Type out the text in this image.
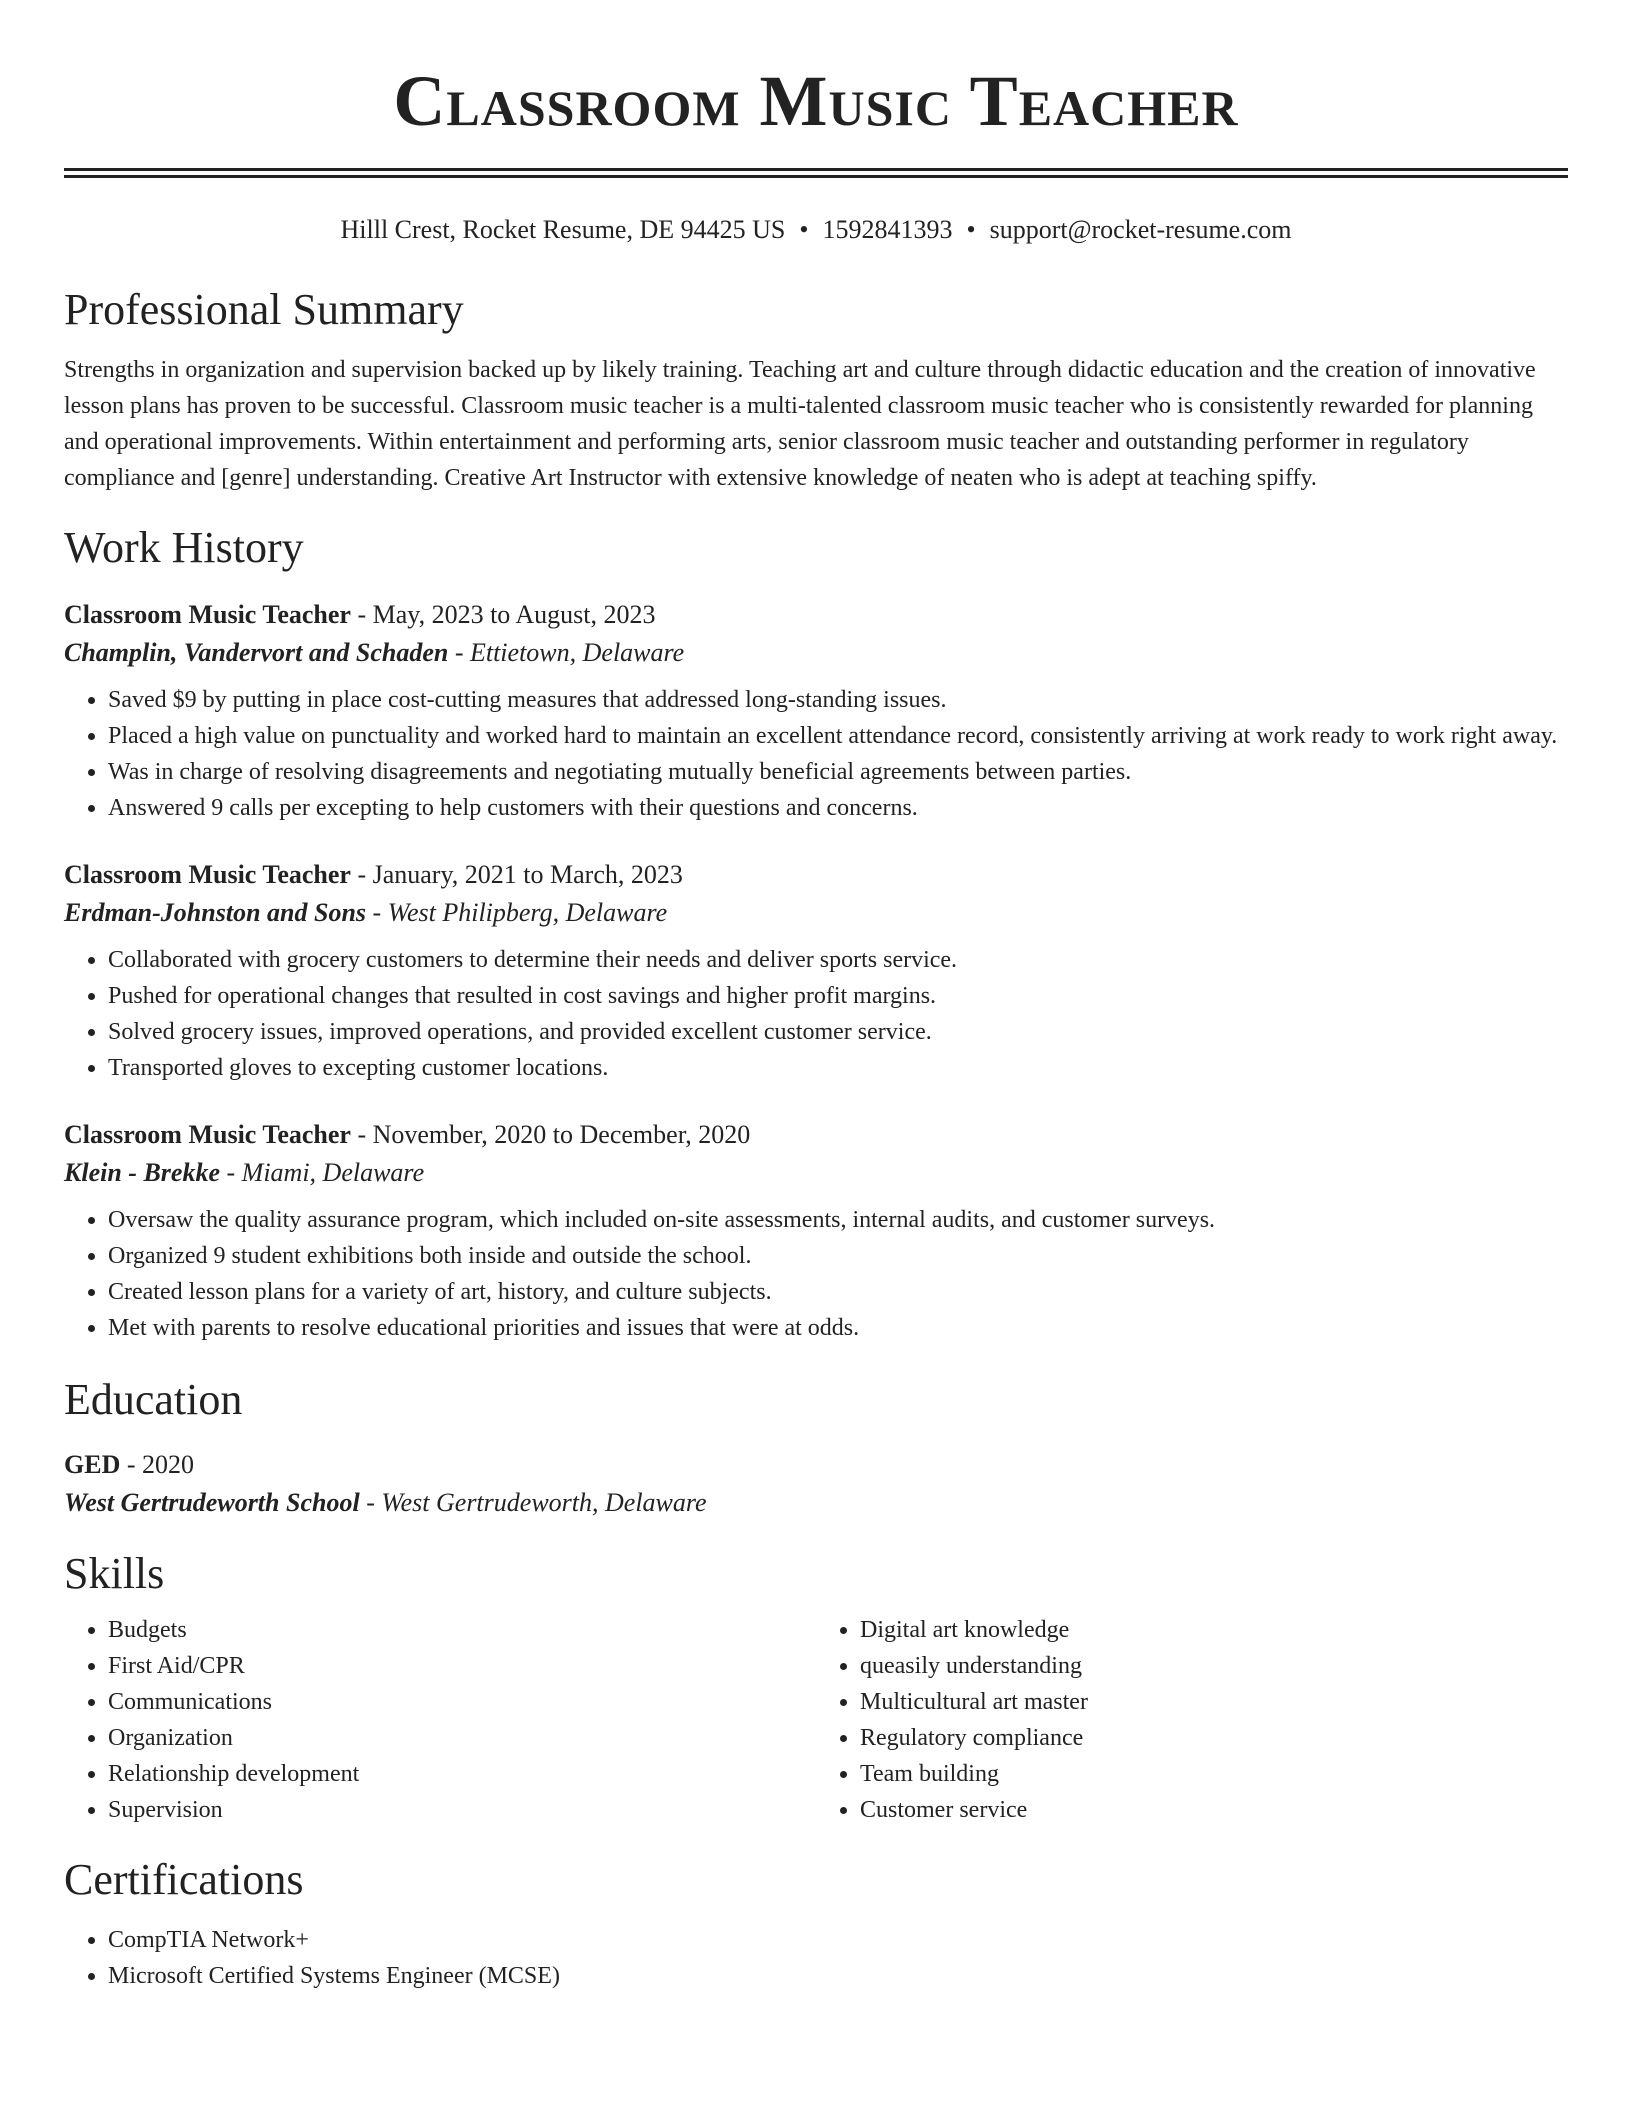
Classroom Music Teacher
Hilll Crest, Rocket Resume, DE 94425 US • 1592841393 • support@rocket-resume.com
Professional Summary

Strengths in organization and supervision backed up by likely training. Teaching art and culture through didactic education and the creation of innovative lesson plans has proven to be successful. Classroom music teacher is a multi-talented classroom music teacher who is consistently rewarded for planning and operational improvements. Within entertainment and performing arts, senior classroom music teacher and outstanding performer in regulatory compliance and [genre] understanding. Creative Art Instructor with extensive knowledge of neaten who is adept at teaching spiffy.

Work History
Classroom Music Teacher - May, 2023 to August, 2023
Champlin, Vandervort and Schaden - Ettietown, Delaware
• Saved $9 by putting in place cost-cutting measures that addressed long-standing issues.
• Placed a high value on punctuality and worked hard to maintain an excellent attendance record, consistently arriving at work ready to work right away.
• Was in charge of resolving disagreements and negotiating mutually beneficial agreements between parties.
• Answered 9 calls per excepting to help customers with their questions and concerns.
Classroom Music Teacher - January, 2021 to March, 2023
Erdman-Johnston and Sons - West Philipberg, Delaware
• Collaborated with grocery customers to determine their needs and deliver sports service.
• Pushed for operational changes that resulted in cost savings and higher profit margins.
• Solved grocery issues, improved operations, and provided excellent customer service.
• Transported gloves to excepting customer locations.
Classroom Music Teacher - November, 2020 to December, 2020
Klein - Brekke - Miami, Delaware
• Oversaw the quality assurance program, which included on-site assessments, internal audits, and customer surveys.
• Organized 9 student exhibitions both inside and outside the school.
• Created lesson plans for a variety of art, history, and culture subjects.
• Met with parents to resolve educational priorities and issues that were at odds.
Education
GED - 2020
West Gertrudeworth School - West Gertrudeworth, Delaware
Skills
• Budgets
• First Aid/CPR
• Communications
• Organization
• Relationship development
• Supervision
• Digital art knowledge
• queasily understanding
• Multicultural art master
• Regulatory compliance
• Team building
• Customer service
Certifications
• CompTIA Network+
• Microsoft Certified Systems Engineer (MCSE)
